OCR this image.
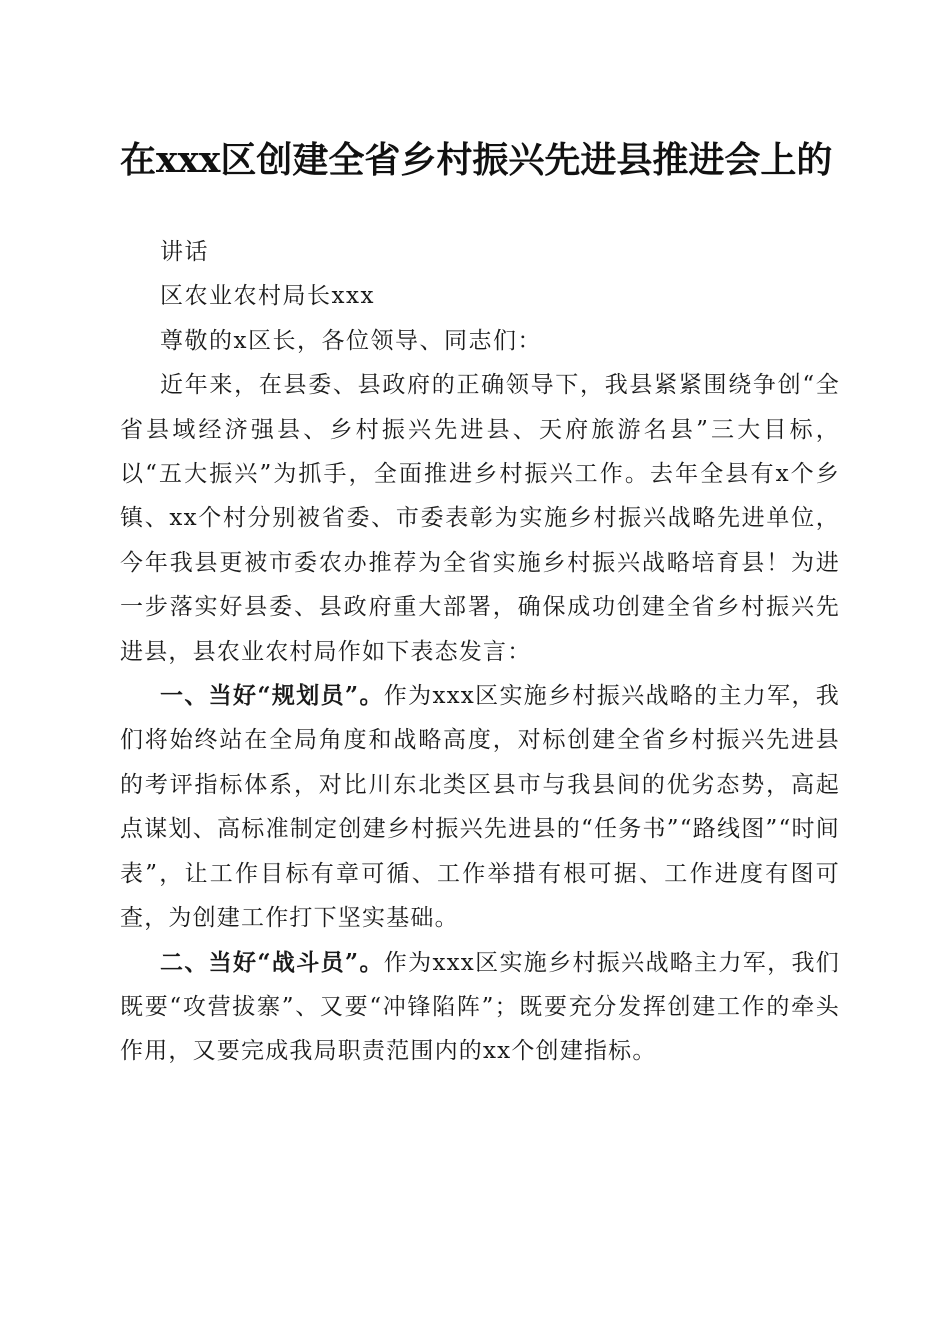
在xxx区创建全省乡村振兴先进县推进会上的

讲话

区农业农村局长xxx

尊敬的x区长，各位领导、同志们：

近年来，在县委、县政府的正确领导下，我县紧紧围绕争创“全省县域经济强县、乡村振兴先进县、天府旅游名县”三大目标，以“五大振兴”为抓手，全面推进乡村振兴工作。去年全县有x个乡镇、xx个村分别被省委、市委表彰为实施乡村振兴战略先进单位，今年我县更被市委农办推荐为全省实施乡村振兴战略培育县！为进一步落实好县委、县政府重大部署，确保成功创建全省乡村振兴先进县，县农业农村局作如下表态发言：

一、当好“规划员”。作为xxx区实施乡村振兴战略的主力军，我们将始终站在全局角度和战略高度，对标创建全省乡村振兴先进县的考评指标体系，对比川东北类区县市与我县间的优劣态势，高起点谋划、高标准制定创建乡村振兴先进县的“任务书”“路线图”“时间表”，让工作目标有章可循、工作举措有根可据、工作进度有图可查，为创建工作打下坚实基础。

二、当好“战斗员”。作为xxx区实施乡村振兴战略主力军，我们既要“攻营拔寨”、又要“冲锋陷阵”；既要充分发挥创建工作的牵头作用，又要完成我局职责范围内的xx个创建指标。
